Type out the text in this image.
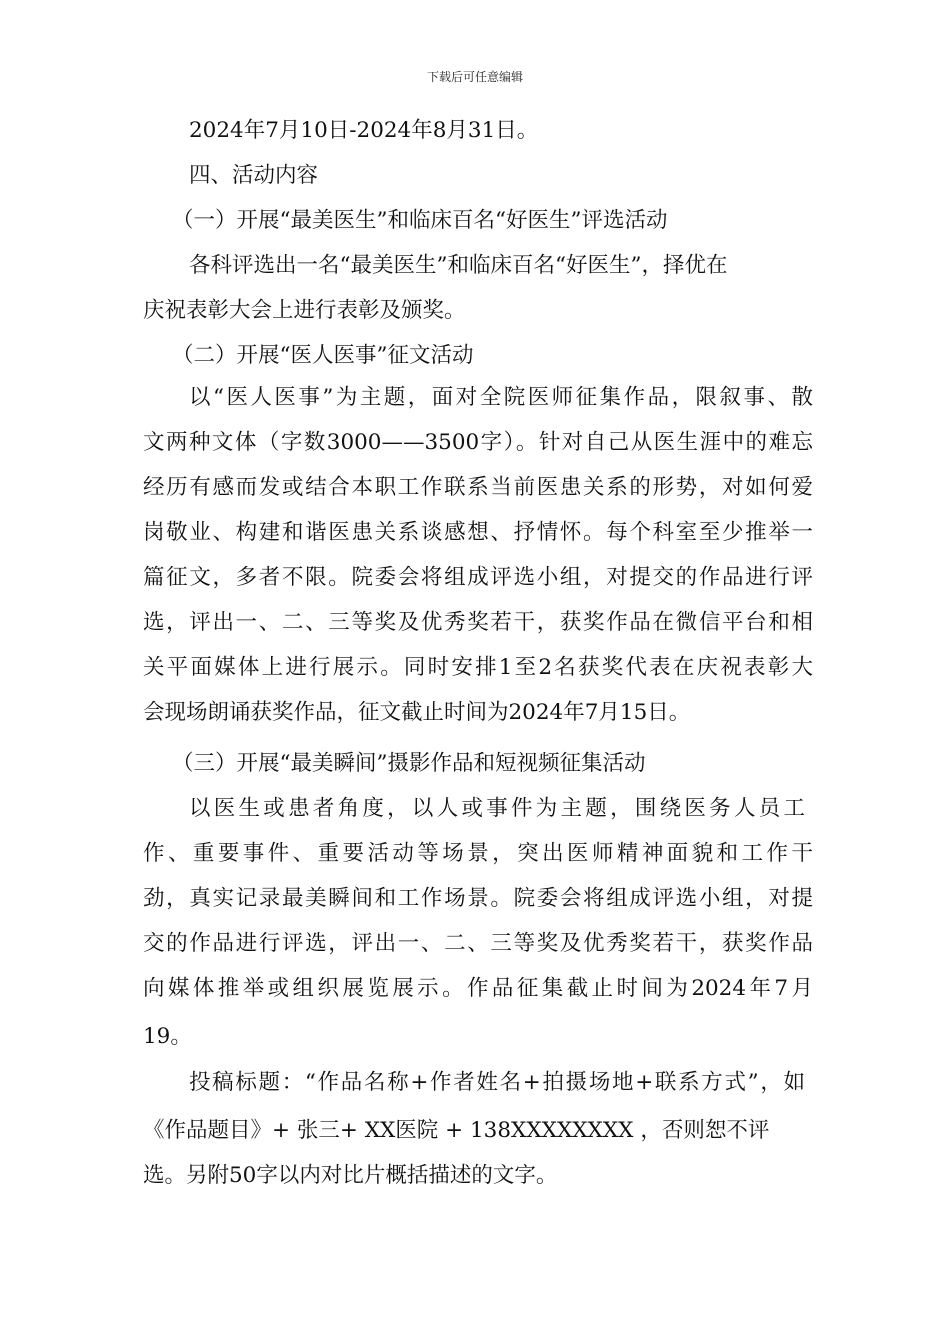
下载后可任意编辑
2024年7月10日-2024年8月31日。
四、活动内容
（一）开展“最美医生”和临床百名“好医生”评选活动
各科评选出一名“最美医生”和临床百名“好医生”，择优在
庆祝表彰大会上进行表彰及颁奖。
（二）开展“医人医事”征文活动
以“医人医事”为主题，面对全院医师征集作品，限叙事、散
文两种文体（字数3000——3500字）。针对自己从医生涯中的难忘
经历有感而发或结合本职工作联系当前医患关系的形势，对如何爱
岗敬业、构建和谐医患关系谈感想、抒情怀。每个科室至少推举一
篇征文，多者不限。院委会将组成评选小组，对提交的作品进行评
选，评出一、二、三等奖及优秀奖若干，获奖作品在微信平台和相
关平面媒体上进行展示。同时安排1至2名获奖代表在庆祝表彰大
会现场朗诵获奖作品，征文截止时间为2024年7月15日。
（三）开展“最美瞬间”摄影作品和短视频征集活动
以医生或患者角度，以人或事件为主题，围绕医务人员工
作、重要事件、重要活动等场景，突出医师精神面貌和工作干
劲，真实记录最美瞬间和工作场景。院委会将组成评选小组，对提
交的作品进行评选，评出一、二、三等奖及优秀奖若干，获奖作品
向媒体推举或组织展览展示。作品征集截止时间为2024年7月
19。
投稿标题：“作品名称+作者姓名+拍摄场地+联系方式”，如
《作品题目》+ 张三+ XX医院 + 138XXXXXXXX ，否则恕不评
选。另附50字以内对比片概括描述的文字。
